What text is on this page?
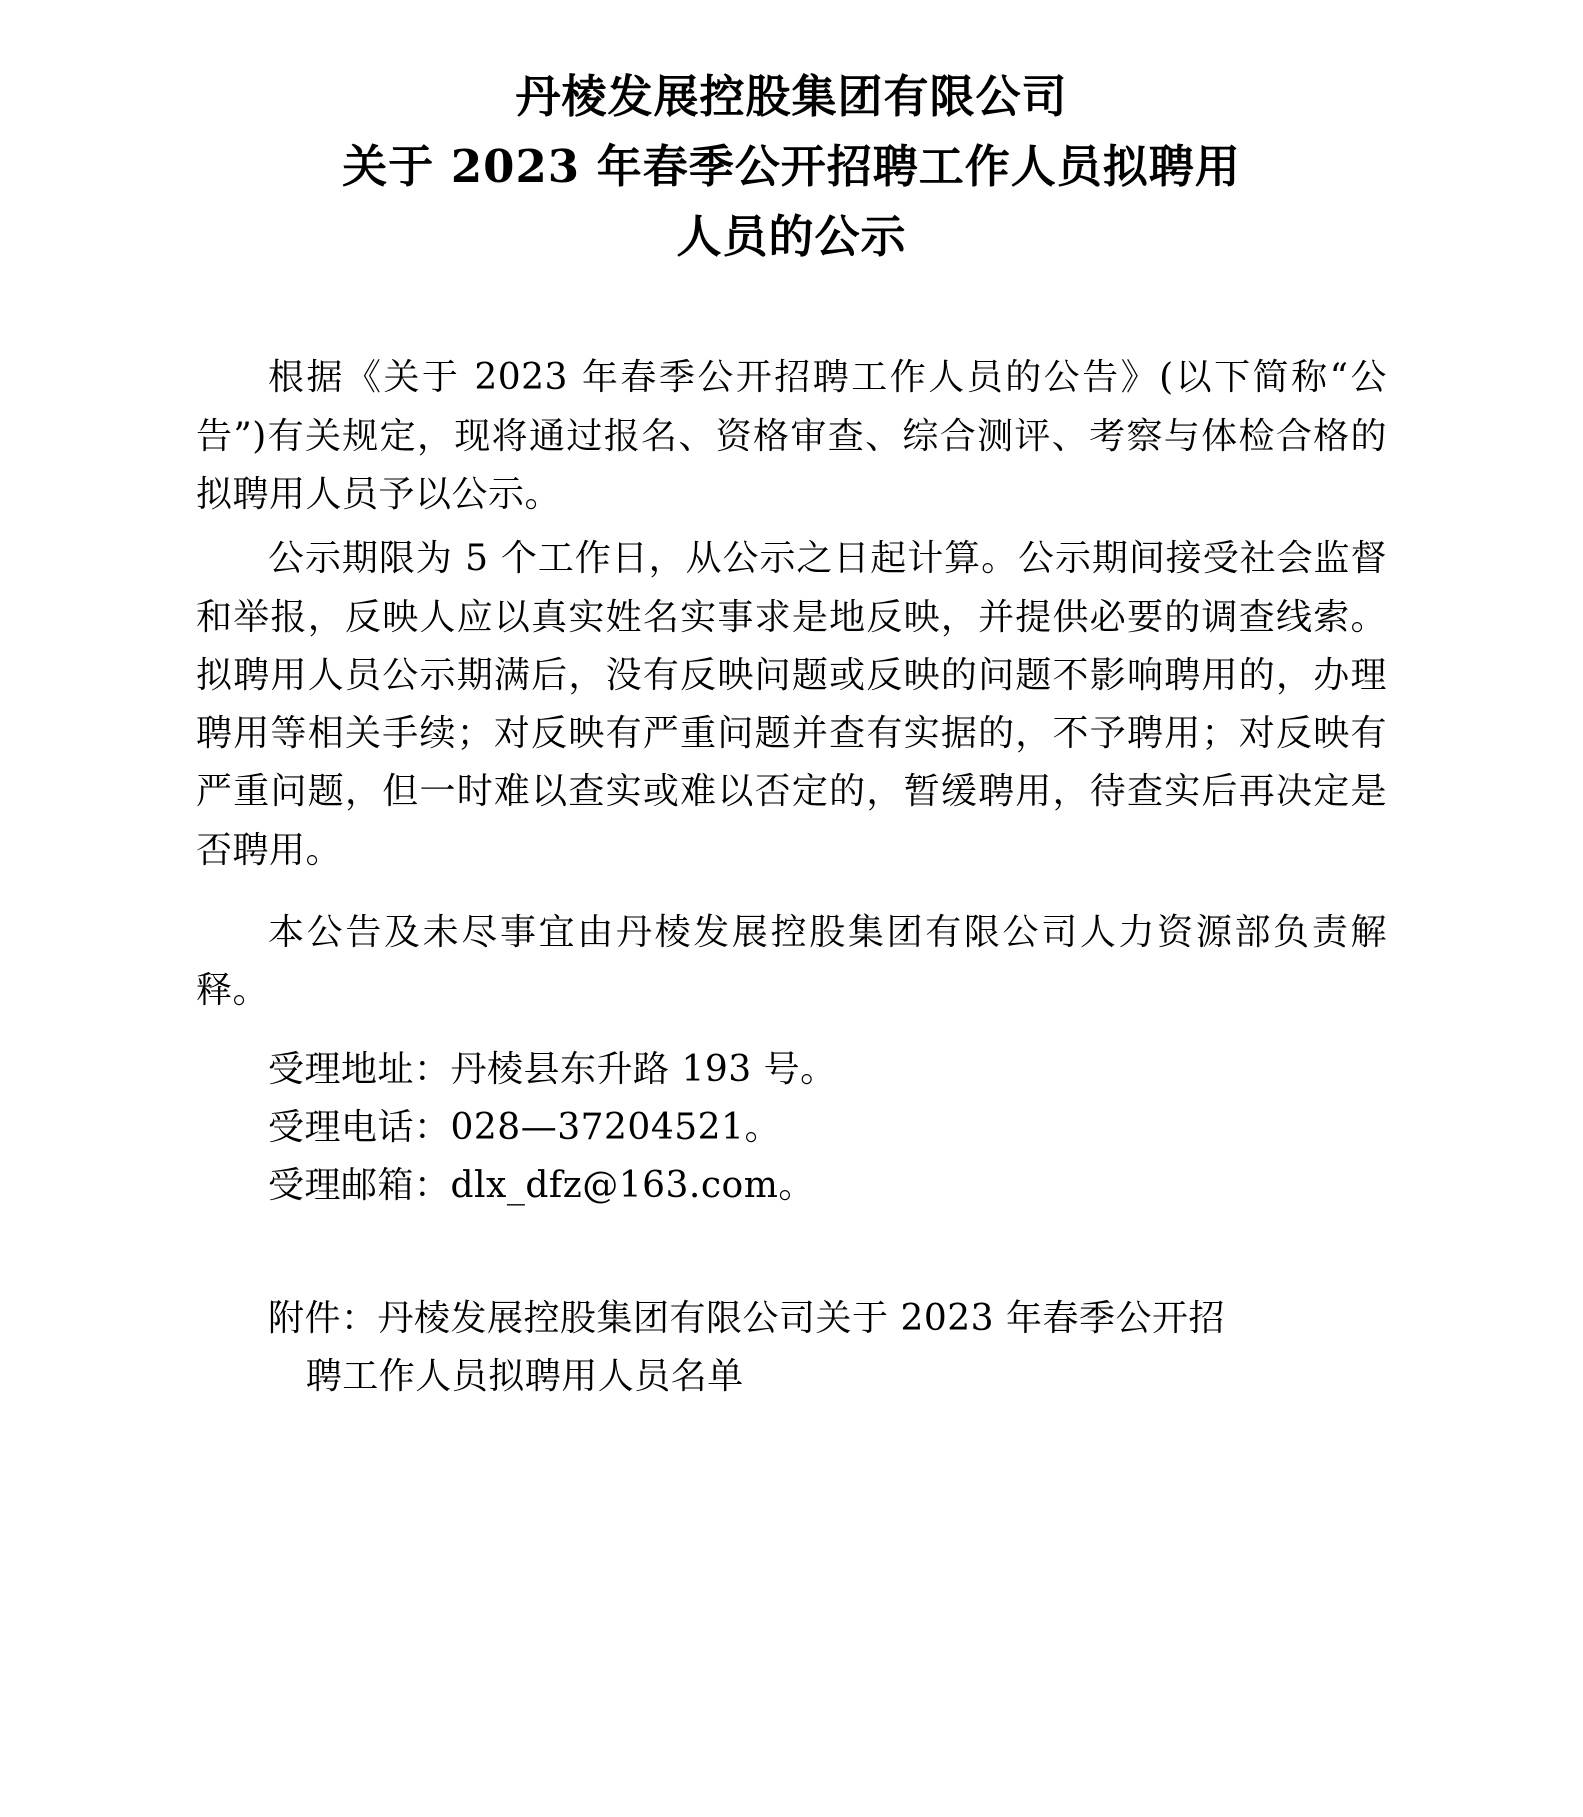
丹棱发展控股集团有限公司
关于 2023 年春季公开招聘工作人员拟聘用
人员的公示

根据《关于 2023 年春季公开招聘工作人员的公告》(以下简称“公告”)有关规定，现将通过报名、资格审查、综合测评、考察与体检合格的拟聘用人员予以公示。

公示期限为 5 个工作日，从公示之日起计算。公示期间接受社会监督和举报，反映人应以真实姓名实事求是地反映，并提供必要的调查线索。拟聘用人员公示期满后，没有反映问题或反映的问题不影响聘用的，办理聘用等相关手续；对反映有严重问题并查有实据的，不予聘用；对反映有严重问题，但一时难以查实或难以否定的，暂缓聘用，待查实后再决定是否聘用。

本公告及未尽事宜由丹棱发展控股集团有限公司人力资源部负责解释。

受理地址：丹棱县东升路 193 号。

受理电话：028—37204521。

受理邮箱：dlx_dfz@163.com。

附件：丹棱发展控股集团有限公司关于 2023 年春季公开招
聘工作人员拟聘用人员名单
